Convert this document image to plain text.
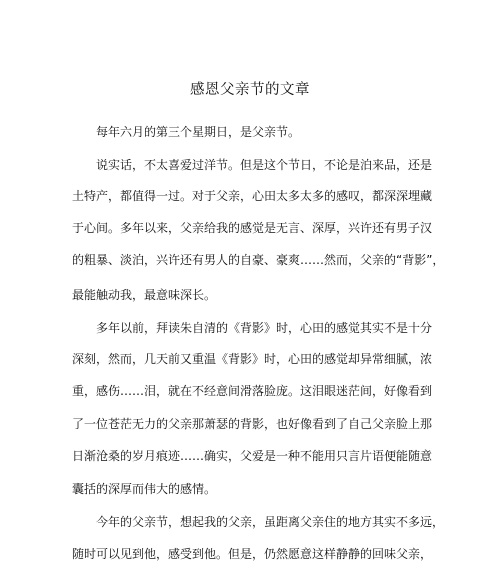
感恩父亲节的文章
每年六月的第三个星期日，是父亲节。
说实话，不太喜爱过洋节。但是这个节日，不论是泊来品，还是
土特产，都值得一过。对于父亲，心田太多太多的感叹，都深深埋藏
于心间。多年以来，父亲给我的感觉是无言、深厚，兴许还有男子汉
的粗暴、淡泊，兴许还有男人的自豪、豪爽……然而，父亲的“背影”，
最能触动我，最意味深长。
多年以前，拜读朱自清的《背影》时，心田的感觉其实不是十分
深刻，然而，几天前又重温《背影》时，心田的感觉却异常细腻，浓
重，感伤……泪，就在不经意间滑落脸庞。这泪眼迷茫间，好像看到
了一位苍茫无力的父亲那萧瑟的背影，也好像看到了自己父亲脸上那
日渐沧桑的岁月痕迹……确实，父爱是一种不能用只言片语便能随意
囊括的深厚而伟大的感情。
今年的父亲节，想起我的父亲，虽距离父亲住的地方其实不多远，
随时可以见到他，感受到他。但是，仍然愿意这样静静的回味父亲，
